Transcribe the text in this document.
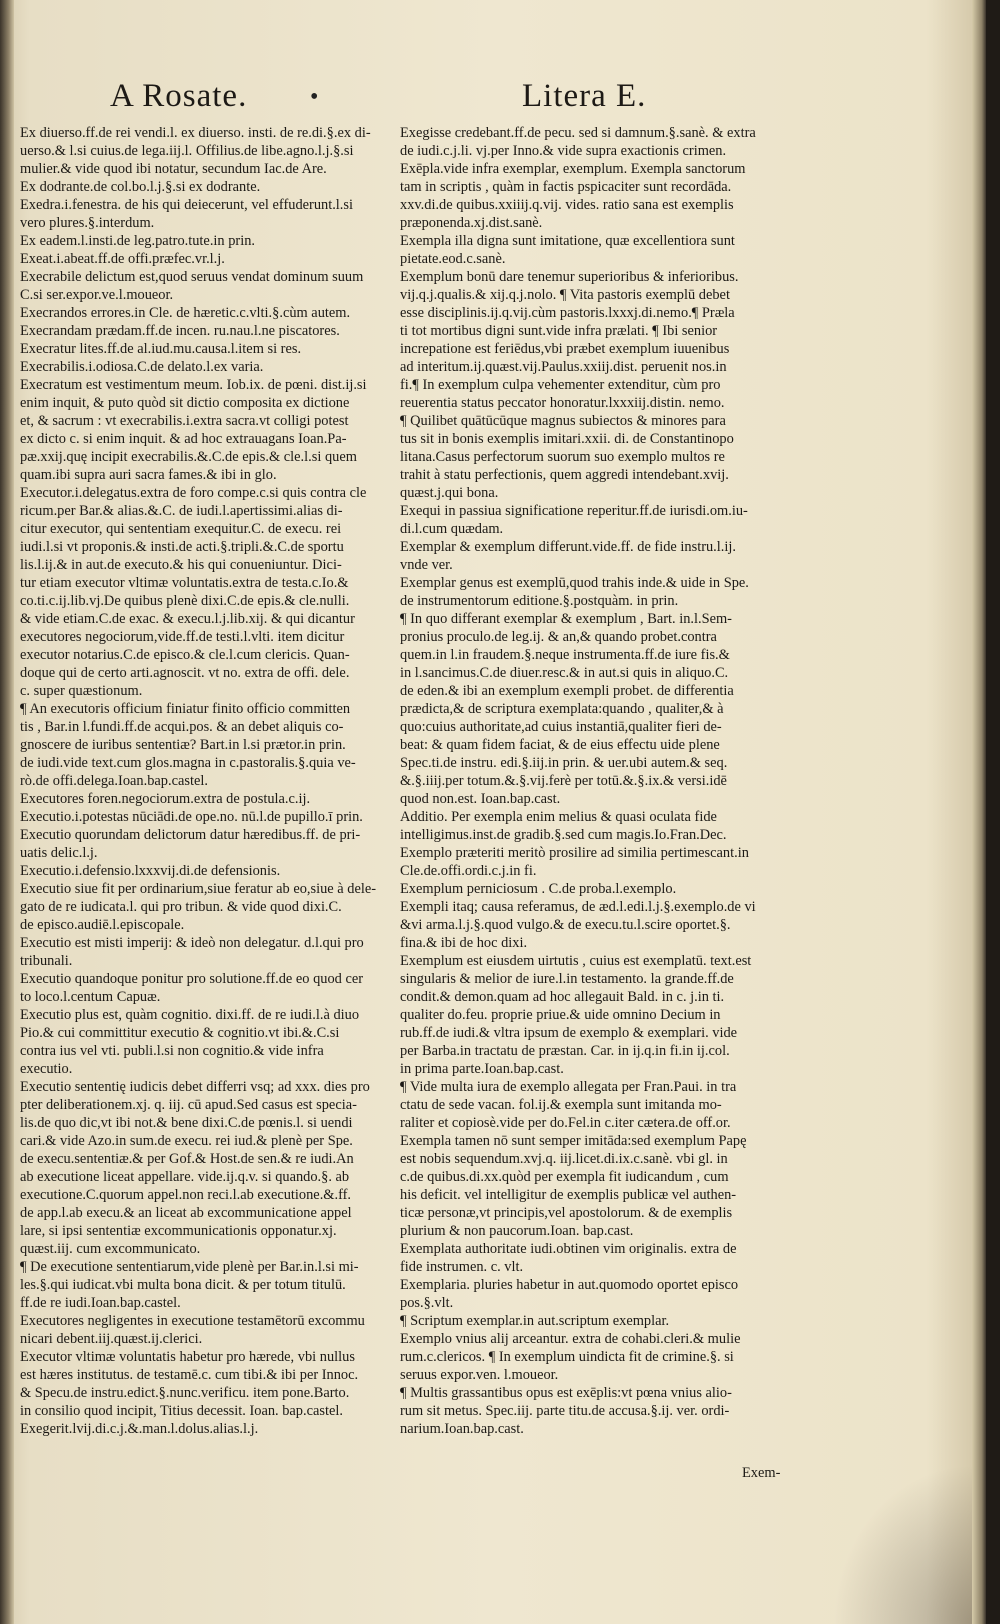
A Rosate.	•	Litera E.

Ex diuerso.ff.de rei vendi.l. ex diuerso. insti. de re.di.§.ex di-

uerso.& l.si cuius.de lega.iij.l. Offilius.de libe.agno.l.j.§.si

mulier.& vide quod ibi notatur, secundum Iac.de Are.

Ex dodrante.de col.bo.l.j.§.si ex dodrante.

Exedra.i.fenestra. de his qui deiecerunt, vel effuderunt.l.si

vero plures.§.interdum.

Ex eadem.l.insti.de leg.patro.tute.in prin.

Exeat.i.abeat.ff.de offi.præfec.vr.l.j.

Execrabile delictum est,quod seruus vendat dominum suum

C.si ser.expor.ve.l.moueor.

Execrandos errores.in Cle. de hæretic.c.vlti.§.cùm autem.

Execrandam prædam.ff.de incen. ru.nau.l.ne piscatores.

Execratur lites.ff.de al.iud.mu.causa.l.item si res.

Execrabilis.i.odiosa.C.de delato.l.ex varia.

Execratum est vestimentum meum. Iob.ix. de pœni. dist.ij.si

enim inquit, & puto quòd sit dictio composita ex dictione

et, & sacrum : vt execrabilis.i.extra sacra.vt colligi potest

ex dicto c. si enim inquit. & ad hoc extrauagans Ioan.Pa-

pæ.xxij.quę incipit execrabilis.&.C.de epis.& cle.l.si quem

quam.ibi supra auri sacra fames.& ibi in glo.

Executor.i.delegatus.extra de foro compe.c.si quis contra cle

ricum.per Bar.& alias.&.C. de iudi.l.apertissimi.alias di-

citur executor, qui sententiam exequitur.C. de execu. rei

iudi.l.si vt proponis.& insti.de acti.§.tripli.&.C.de sportu

lis.l.ij.& in aut.de executo.& his qui conueniuntur. Dici-

tur etiam executor vltimæ voluntatis.extra de testa.c.Io.&

co.ti.c.ij.lib.vj.De quibus plenè dixi.C.de epis.& cle.nulli.

& vide etiam.C.de exac. & execu.l.j.lib.xij. & qui dicantur

executores negociorum,vide.ff.de testi.l.vlti. item dicitur

executor notarius.C.de episco.& cle.l.cum clericis. Quan-

doque qui de certo arti.agnoscit. vt no. extra de offi. dele.

c. super quæstionum.

¶ An executoris officium finiatur finito officio committen

tis , Bar.in l.fundi.ff.de acqui.pos. & an debet aliquis co-

gnoscere de iuribus sententiæ? Bart.in l.si prætor.in prin.

de iudi.vide text.cum glos.magna in c.pastoralis.§.quia ve-

rò.de offi.delega.Ioan.bap.castel.

Executores foren.negociorum.extra de postula.c.ij.

Executio.i.potestas nūciādi.de ope.no. nū.l.de pupillo.ī prin.

Executio quorundam delictorum datur hæredibus.ff. de pri-

uatis delic.l.j.

Executio.i.defensio.lxxxvij.di.de defensionis.

Executio siue fit per ordinarium,siue feratur ab eo,siue à dele-

gato de re iudicata.l. qui pro tribun. & vide quod dixi.C.

de episco.audiē.l.episcopale.

Executio est misti imperij: & ideò non delegatur. d.l.qui pro

tribunali.

Executio quandoque ponitur pro solutione.ff.de eo quod cer

to loco.l.centum Capuæ.

Executio plus est, quàm cognitio. dixi.ff. de re iudi.l.à diuo

Pio.& cui committitur executio & cognitio.vt ibi.&.C.si

contra ius vel vti. publi.l.si non cognitio.& vide infra

executio.

Executio sententię iudicis debet differri vsq; ad xxx. dies pro

pter deliberationem.xj. q. iij. cū apud.Sed casus est specia-

lis.de quo dic,vt ibi not.& bene dixi.C.de pœnis.l. si uendi

cari.& vide Azo.in sum.de execu. rei iud.& plenè per Spe.

de execu.sententiæ.& per Gof.& Host.de sen.& re iudi.An

ab executione liceat appellare. vide.ij.q.v. si quando.§. ab

executione.C.quorum appel.non reci.l.ab executione.&.ff.

de app.l.ab execu.& an liceat ab excommunicatione appel

lare, si ipsi sententiæ excommunicationis opponatur.xj.

quæst.iij. cum excommunicato.

¶ De executione sententiarum,vide plenè per Bar.in.l.si mi-

les.§.qui iudicat.vbi multa bona dicit. & per totum titulū.

ff.de re iudi.Ioan.bap.castel.

Executores negligentes in executione testamētorū excommu

nicari debent.iij.quæst.ij.clerici.

Executor vltimæ voluntatis habetur pro hærede, vbi nullus

est hæres institutus. de testamē.c. cum tibi.& ibi per Innoc.

& Specu.de instru.edict.§.nunc.verificu. item pone.Barto.

in consilio quod incipit, Titius decessit. Ioan. bap.castel.

Exegerit.lvij.di.c.j.&.man.l.dolus.alias.l.j.

Exegisse credebant.ff.de pecu. sed si damnum.§.sanè. & extra

de iudi.c.j.li. vj.per Inno.& vide supra exactionis crimen.

Exēpla.vide infra exemplar, exemplum. Exempla sanctorum

tam in scriptis , quàm in factis pspicaciter sunt recordāda.

xxv.di.de quibus.xxiiij.q.vij. vides. ratio sana est exemplis

præponenda.xj.dist.sanè.

Exempla illa digna sunt imitatione, quæ excellentiora sunt

pietate.eod.c.sanè.

Exemplum bonū dare tenemur superioribus & inferioribus.

vij.q.j.qualis.& xij.q.j.nolo. ¶ Vita pastoris exemplū debet

esse disciplinis.ij.q.vij.cùm pastoris.lxxxj.di.nemo.¶ Præla

ti tot mortibus digni sunt.vide infra prælati. ¶ Ibi senior

increpatione est feriēdus,vbi præbet exemplum iuuenibus

ad interitum.ij.quæst.vij.Paulus.xxiij.dist. peruenit nos.in

fi.¶ In exemplum culpa vehementer extenditur, cùm pro

reuerentia status peccator honoratur.lxxxiij.distin. nemo.

¶ Quilibet quātūcūque magnus subiectos & minores para

tus sit in bonis exemplis imitari.xxii. di. de Constantinopo

litana.Casus perfectorum suorum suo exemplo multos re

trahit à statu perfectionis, quem aggredi intendebant.xvij.

quæst.j.qui bona.

Exequi in passiua significatione reperitur.ff.de iurisdi.om.iu-

di.l.cum quædam.

Exemplar & exemplum differunt.vide.ff. de fide instru.l.ij.

vnde ver.

Exemplar genus est exemplū,quod trahis inde.& uide in Spe.

de instrumentorum editione.§.postquàm. in prin.

¶ In quo differant exemplar & exemplum , Bart. in.l.Sem-

pronius proculo.de leg.ij. & an,& quando probet.contra

quem.in l.in fraudem.§.neque instrumenta.ff.de iure fis.&

in l.sancimus.C.de diuer.resc.& in aut.si quis in aliquo.C.

de eden.& ibi an exemplum exempli probet. de differentia

prædicta,& de scriptura exemplata:quando , qualiter,& à

quo:cuius authoritate,ad cuius instantiā,qualiter fieri de-

beat: & quam fidem faciat, & de eius effectu uide plene

Spec.ti.de instru. edi.§.iij.in prin. & uer.ubi autem.& seq.

&.§.iiij.per totum.&.§.vij.ferè per totū.&.§.ix.& versi.idē

quod non.est. Ioan.bap.cast.

Additio. Per exempla enim melius & quasi oculata fide

intelligimus.inst.de gradib.§.sed cum magis.Io.Fran.Dec.

Exemplo præteriti meritò prosilire ad similia pertimescant.in

Cle.de.offi.ordi.c.j.in fi.

Exemplum perniciosum . C.de proba.l.exemplo.

Exempli itaq; causa referamus, de æd.l.edi.l.j.§.exemplo.de vi

&vi arma.l.j.§.quod vulgo.& de execu.tu.l.scire oportet.§.

fina.& ibi de hoc dixi.

Exemplum est eiusdem uirtutis , cuius est exemplatū. text.est

singularis & melior de iure.l.in testamento. la grande.ff.de

condit.& demon.quam ad hoc allegauit Bald. in c. j.in ti.

qualiter do.feu. proprie priue.& uide omnino Decium in

rub.ff.de iudi.& vltra ipsum de exemplo & exemplari. vide

per Barba.in tractatu de præstan. Car. in ij.q.in fi.in ij.col.

in prima parte.Ioan.bap.cast.

¶ Vide multa iura de exemplo allegata per Fran.Paui. in tra

ctatu de sede vacan. fol.ij.& exempla sunt imitanda mo-

raliter et copiosè.vide per do.Fel.in c.iter cætera.de off.or.

Exempla tamen nō sunt semper imitāda:sed exemplum Papę

est nobis sequendum.xvj.q. iij.licet.di.ix.c.sanè. vbi gl. in

c.de quibus.di.xx.quòd per exempla fit iudicandum , cum

his deficit. vel intelligitur de exemplis publicæ vel authen-

ticæ personæ,vt principis,vel apostolorum. & de exemplis

plurium & non paucorum.Ioan. bap.cast.

Exemplata authoritate iudi.obtinen vim originalis. extra de

fide instrumen. c. vlt.

Exemplaria. pluries habetur in aut.quomodo oportet episco

pos.§.vlt.

¶ Scriptum exemplar.in aut.scriptum exemplar.

Exemplo vnius alij arceantur. extra de cohabi.cleri.& mulie

rum.c.clericos. ¶ In exemplum uindicta fit de crimine.§. si

seruus expor.ven. l.moueor.

¶ Multis grassantibus opus est exēplis:vt pœna vnius alio-

rum sit metus. Spec.iij. parte titu.de accusa.§.ij. ver. ordi-

narium.Ioan.bap.cast.

Exem-
